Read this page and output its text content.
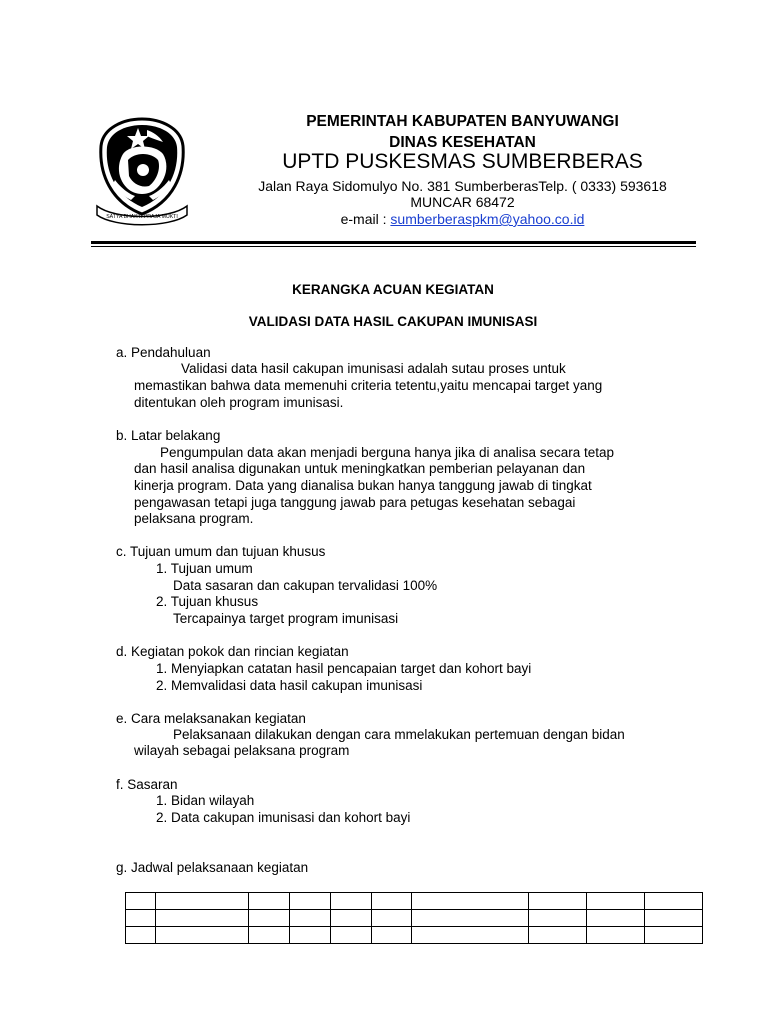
SATYA BHAKTI PRAJA MUKTI
PEMERINTAH KABUPATEN BANYUWANGI
DINAS KESEHATAN
UPTD PUSKESMAS SUMBERBERAS
Jalan Raya Sidomulyo No. 381 SumberberasTelp. ( 0333) 593618
MUNCAR 68472
e-mail : sumberberaspkm@yahoo.co.id
KERANGKA ACUAN KEGIATAN
VALIDASI DATA HASIL CAKUPAN IMUNISASI
a. Pendahuluan
Validasi data hasil cakupan imunisasi adalah sutau proses untuk
memastikan bahwa data memenuhi criteria tetentu,yaitu mencapai target yang
ditentukan oleh program imunisasi.
b. Latar belakang
Pengumpulan data akan menjadi berguna hanya jika di analisa secara tetap
dan hasil analisa digunakan untuk meningkatkan pemberian pelayanan dan
kinerja program. Data yang dianalisa bukan hanya tanggung jawab di tingkat
pengawasan tetapi juga tanggung jawab para petugas kesehatan sebagai
pelaksana program.
c. Tujuan umum dan tujuan khusus
1. Tujuan umum
Data sasaran dan cakupan tervalidasi 100%
2. Tujuan khusus
Tercapainya target program imunisasi
d. Kegiatan pokok dan rincian kegiatan
1. Menyiapkan catatan hasil pencapaian target dan kohort bayi
2. Memvalidasi data hasil cakupan imunisasi
e. Cara melaksanakan kegiatan
Pelaksanaan dilakukan dengan cara mmelakukan pertemuan dengan bidan
wilayah sebagai pelaksana program
f. Sasaran
1. Bidan wilayah
2. Data cakupan imunisasi dan kohort bayi
g. Jadwal pelaksanaan kegiatan
